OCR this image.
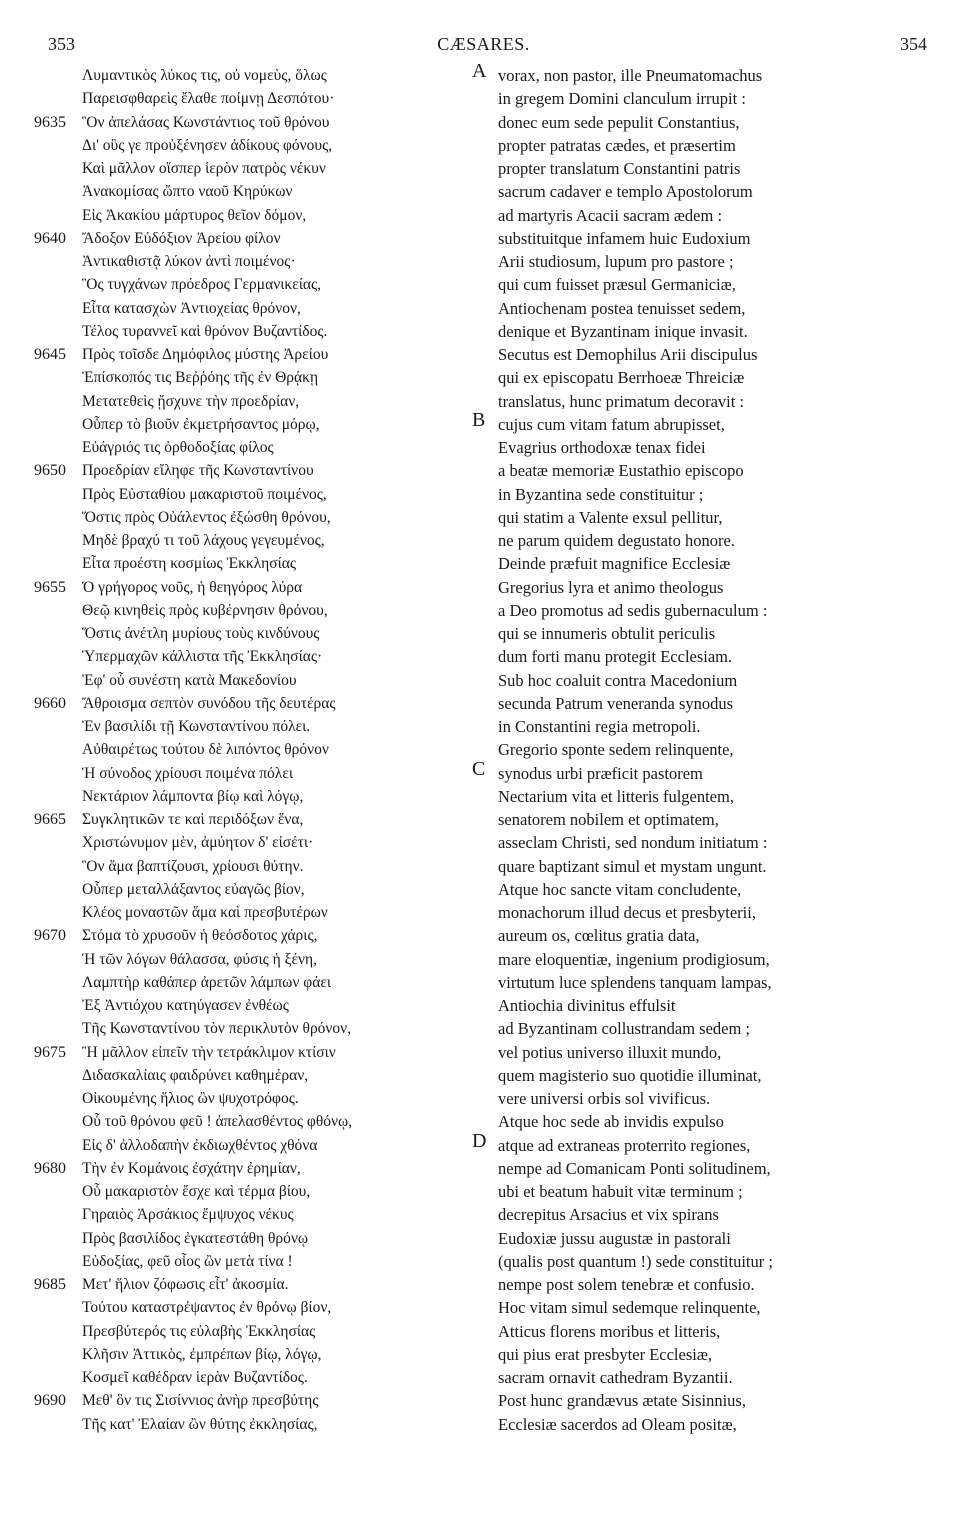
353	CÆSARES.	354
Λυμαντικὸς λύκος τις, οὐ νομεὺς, ὅλως
Παρεισφθαρεὶς ἔλαθε ποίμνῃ Δεσπότου·
9635	Ὃν ἀπελάσας Κωνστάντιος τοῦ θρόνου
Δι' οὓς γε προὐξένησεν ἀδίκους φόνους,
Καὶ μᾶλλον οἵσπερ ἱερὸν πατρὸς νέκυν
Ἀνακομίσας ὤπτο ναοῦ Κηρύκων
Εἰς Ἀκακίου μάρτυρος θεῖον δόμον,
9640	Ἄδοξον Εὐδόξιον Ἀρείου φίλον
Ἀντικαθιστᾷ λύκον ἀντὶ ποιμένος·
Ὃς τυγχάνων πρόεδρος Γερμανικείας,
Εἶτα κατασχὼν Ἀντιοχείας θρόνον,
Τέλος τυραννεῖ καὶ θρόνον Βυζαντίδος.
9645	Πρὸς τοῖσδε Δημόφιλος μύστης Ἀρείου
Ἐπίσκοπός τις Βεῤῥόης τῆς ἐν Θρᾴκῃ
Μετατεθεὶς ᾔσχυνε τὴν προεδρίαν,
Οὗπερ τὸ βιοῦν ἐκμετρήσαντος μόρῳ,
Εὐάγριός τις ὀρθοδοξίας φίλος
9650	Προεδρίαν εἴληφε τῆς Κωνσταντίνου
Πρὸς Εὐσταθίου μακαριστοῦ ποιμένος,
Ὅστις πρὸς Οὐάλεντος ἐξώσθη θρόνου,
Μηδὲ βραχύ τι τοῦ λάχους γεγευμένος,
Εἶτα προέστη κοσμίως Ἐκκλησίας
9655	Ὁ γρήγορος νοῦς, ἡ θεηγόρος λύρα
Θεῷ κινηθεὶς πρὸς κυβέρνησιν θρόνου,
Ὅστις ἀνέτλη μυρίους τοὺς κινδύνους
Ὑπερμαχῶν κάλλιστα τῆς Ἐκκλησίας·
Ἐφ' οὗ συνέστη κατὰ Μακεδονίου
9660	Ἄθροισμα σεπτὸν συνόδου τῆς δευτέρας
Ἐν βασιλίδι τῇ Κωνσταντίνου πόλει.
Αὐθαιρέτως τούτου δὲ λιπόντος θρόνον
Ἡ σύνοδος χρίουσι ποιμένα πόλει
Νεκτάριον λάμποντα βίῳ καὶ λόγῳ,
9665	Συγκλητικῶν τε καὶ περιδόξων ἕνα,
Χριστώνυμον μὲν, ἀμύητον δ' εἰσέτι·
Ὃν ἅμα βαπτίζουσι, χρίουσι θύτην.
Οὗπερ μεταλλάξαντος εὐαγῶς βίον,
Κλέος μοναστῶν ἅμα καὶ πρεσβυτέρων
9670	Στόμα τὸ χρυσοῦν ἡ θεόσδοτος χάρις,
Ἡ τῶν λόγων θάλασσα, φύσις ἡ ξένη,
Λαμπτὴρ καθάπερ ἀρετῶν λάμπων φάει
Ἐξ Ἀντιόχου κατηύγασεν ἐνθέως
Τῆς Κωνσταντίνου τὸν περικλυτὸν θρόνον,
9675	Ἢ μᾶλλον εἰπεῖν τὴν τετράκλιμον κτίσιν
Διδασκαλίαις φαιδρύνει καθημέραν,
Οἰκουμένης ἥλιος ὢν ψυχοτρόφος.
Οὗ τοῦ θρόνου φεῦ ! ἀπελασθέντος φθόνῳ,
Εἰς δ' ἀλλοδαπὴν ἐκδιωχθέντος χθόνα
9680	Τὴν ἐν Κομάνοις ἐσχάτην ἐρημίαν,
Οὗ μακαριστὸν ἔσχε καὶ τέρμα βίου,
Γηραιὸς Ἀρσάκιος ἔμψυχος νέκυς
Πρὸς βασιλίδος ἐγκατεστάθη θρόνῳ
Εὐδοξίας, φεῦ οἷος ὢν μετὰ τίνα !
9685	Μετ' ἥλιον ζόφωσις εἶτ' ἀκοσμία.
Τούτου καταστρέψαντος ἐν θρόνῳ βίον,
Πρεσβύτερός τις εὐλαβὴς Ἐκκλησίας
Κλῆσιν Ἀττικὸς, ἐμπρέπων βίῳ, λόγῳ,
Κοσμεῖ καθέδραν ἱερὰν Βυζαντίδος.
9690	Μεθ' ὃν τις Σισίννιος ἀνὴρ πρεσβύτης
Τῆς κατ' Ἐλαίαν ὢν θύτης ἐκκλησίας,
A vorax, non pastor, ille Pneumatomachus
in gregem Domini clanculum irrupit :
donec eum sede pepulit Constantius,
propter patratas cædes, et præsertim
propter translatum Constantini patris
sacrum cadaver e templo Apostolorum
ad martyris Acacii sacram ædem :
substituitque infamem huic Eudoxium
Arii studiosum, lupum pro pastore ;
qui cum fuisset præsul Germaniciæ,
Antiochenam postea tenuisset sedem,
denique et Byzantinam inique invasit.
Secutus est Demophilus Arii discipulus
qui ex episcopatu Berrhoeæ Threiciæ
translatus, hunc primatum decoravit :
B cujus cum vitam fatum abrupisset,
Evagrius orthodoxæ tenax fidei
a beatæ memoriæ Eustathio episcopo
in Byzantina sede constituitur ;
qui statim a Valente exsul pellitur,
ne parum quidem degustato honore.
Deinde præfuit magnifice Ecclesiæ
Gregorius lyra et animo theologus
a Deo promotus ad sedis gubernaculum :
qui se innumeris obtulit periculis
dum forti manu protegit Ecclesiam.
Sub hoc coaluit contra Macedonium
secunda Patrum veneranda synodus
in Constantini regia metropoli.
Gregorio sponte sedem relinquente,
C synodus urbi præficit pastorem
Nectarium vita et litteris fulgentem,
senatorem nobilem et optimatem,
asseclam Christi, sed nondum initiatum :
quare baptizant simul et mystam ungunt.
Atque hoc sancte vitam concludente,
monachorum illud decus et presbyterii,
aureum os, cœlitus gratia data,
mare eloquentiæ, ingenium prodigiosum,
virtutum luce splendens tanquam lampas,
Antiochia divinitus effulsit
ad Byzantinam collustrandam sedem ;
vel potius universo illuxit mundo,
quem magisterio suo quotidie illuminat,
vere universi orbis sol vivificus.
Atque hoc sede ab invidis expulso
D atque ad extraneas proterrito regiones,
nempe ad Comanicam Ponti solitudinem,
ubi et beatum habuit vitæ terminum ;
decrepitus Arsacius et vix spirans
Eudoxiæ jussu augustæ in pastorali
(qualis post quantum !) sede constituitur ;
nempe post solem tenebræ et confusio.
Hoc vitam simul sedemque relinquente,
Atticus florens moribus et litteris,
qui pius erat presbyter Ecclesiæ,
sacram ornavit cathedram Byzantii.
Post hunc grandævus ætate Sisinnius,
Ecclesiæ sacerdos ad Oleam positæ,
